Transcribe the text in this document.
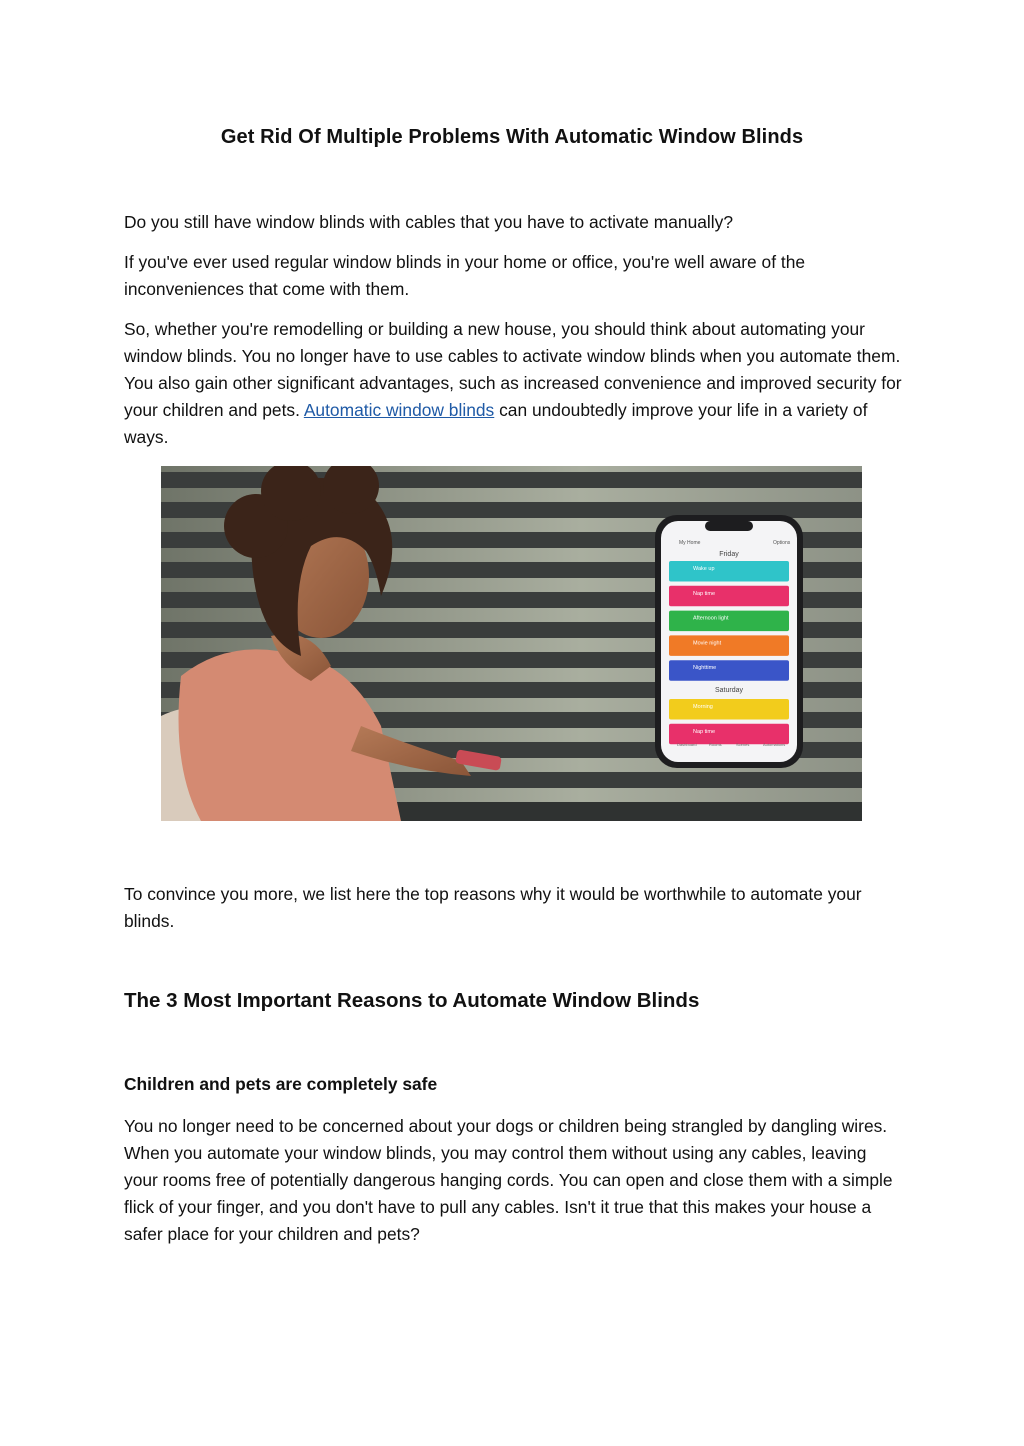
Get Rid Of Multiple Problems With Automatic Window Blinds

Do you still have window blinds with cables that you have to activate manually?

If you've ever used regular window blinds in your home or office, you're well aware of the inconveniences that come with them.

So, whether you're remodelling or building a new house, you should think about automating your window blinds. You no longer have to use cables to activate window blinds when you automate them. You also gain other significant advantages, such as increased convenience and improved security for your children and pets. Automatic window blinds can undoubtedly improve your life in a variety of ways.

My Home	Options
Friday
Wake up
Nap time
Afternoon light
Movie night
Nighttime
Morning
Nap time
Saturday
Dashboard	Rooms	Scenes	Automations

To convince you more, we list here the top reasons why it would be worthwhile to automate your blinds.

The 3 Most Important Reasons to Automate Window Blinds
Children and pets are completely safe

You no longer need to be concerned about your dogs or children being strangled by dangling wires. When you automate your window blinds, you may control them without using any cables, leaving your rooms free of potentially dangerous hanging cords. You can open and close them with a simple flick of your finger, and you don't have to pull any cables. Isn't it true that this makes your house a safer place for your children and pets?
